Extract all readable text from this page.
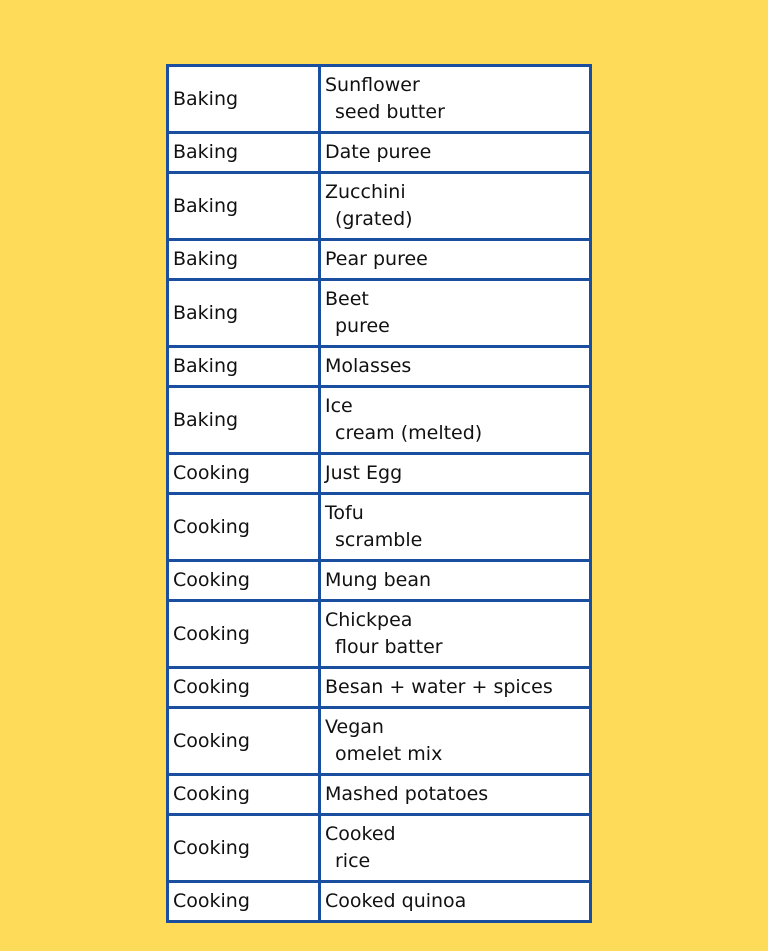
Baking	Sunflower
seed butter

Baking	Date puree

Baking	Zucchini
(grated)

Baking	Pear puree

Baking	Beet
puree

Baking	Molasses

Baking	Ice
cream (melted)

Cooking	Just Egg

Cooking	Tofu
scramble

Cooking	Mung bean

Cooking	Chickpea
flour batter

Cooking	Besan + water + spices

Cooking	Vegan
omelet mix

Cooking	Mashed potatoes

Cooking	Cooked
rice

Cooking	Cooked quinoa
